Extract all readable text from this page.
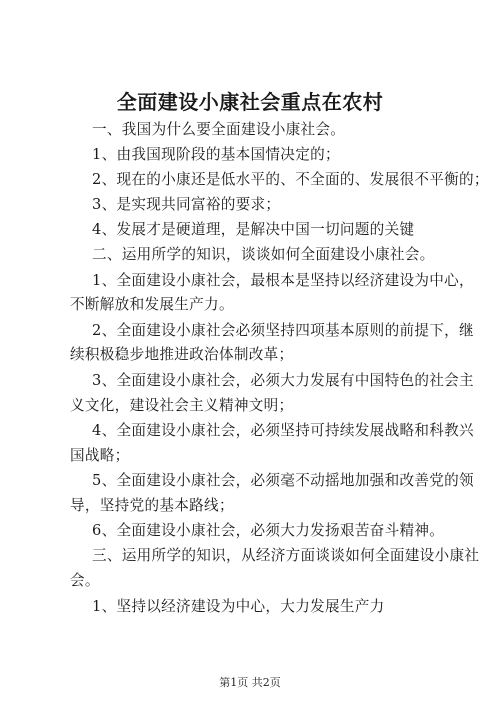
全面建设小康社会重点在农村
一、我国为什么要全面建设小康社会。
1、由我国现阶段的基本国情决定的；
2、现在的小康还是低水平的、不全面的、发展很不平衡的；
3、是实现共同富裕的要求；
4、发展才是硬道理，是解决中国一切问题的关键
二、运用所学的知识，谈谈如何全面建设小康社会。
1、全面建设小康社会，最根本是坚持以经济建设为中心，
不断解放和发展生产力。
2、全面建设小康社会必须坚持四项基本原则的前提下，继
续积极稳步地推进政治体制改革；
3、全面建设小康社会，必须大力发展有中国特色的社会主
义文化，建设社会主义精神文明；
4、全面建设小康社会，必须坚持可持续发展战略和科教兴
国战略；
5、全面建设小康社会，必须毫不动摇地加强和改善党的领
导，坚持党的基本路线；
6、全面建设小康社会，必须大力发扬艰苦奋斗精神。
三、运用所学的知识，从经济方面谈谈如何全面建设小康社
会。
1、坚持以经济建设为中心，大力发展生产力
第1页 共2页
